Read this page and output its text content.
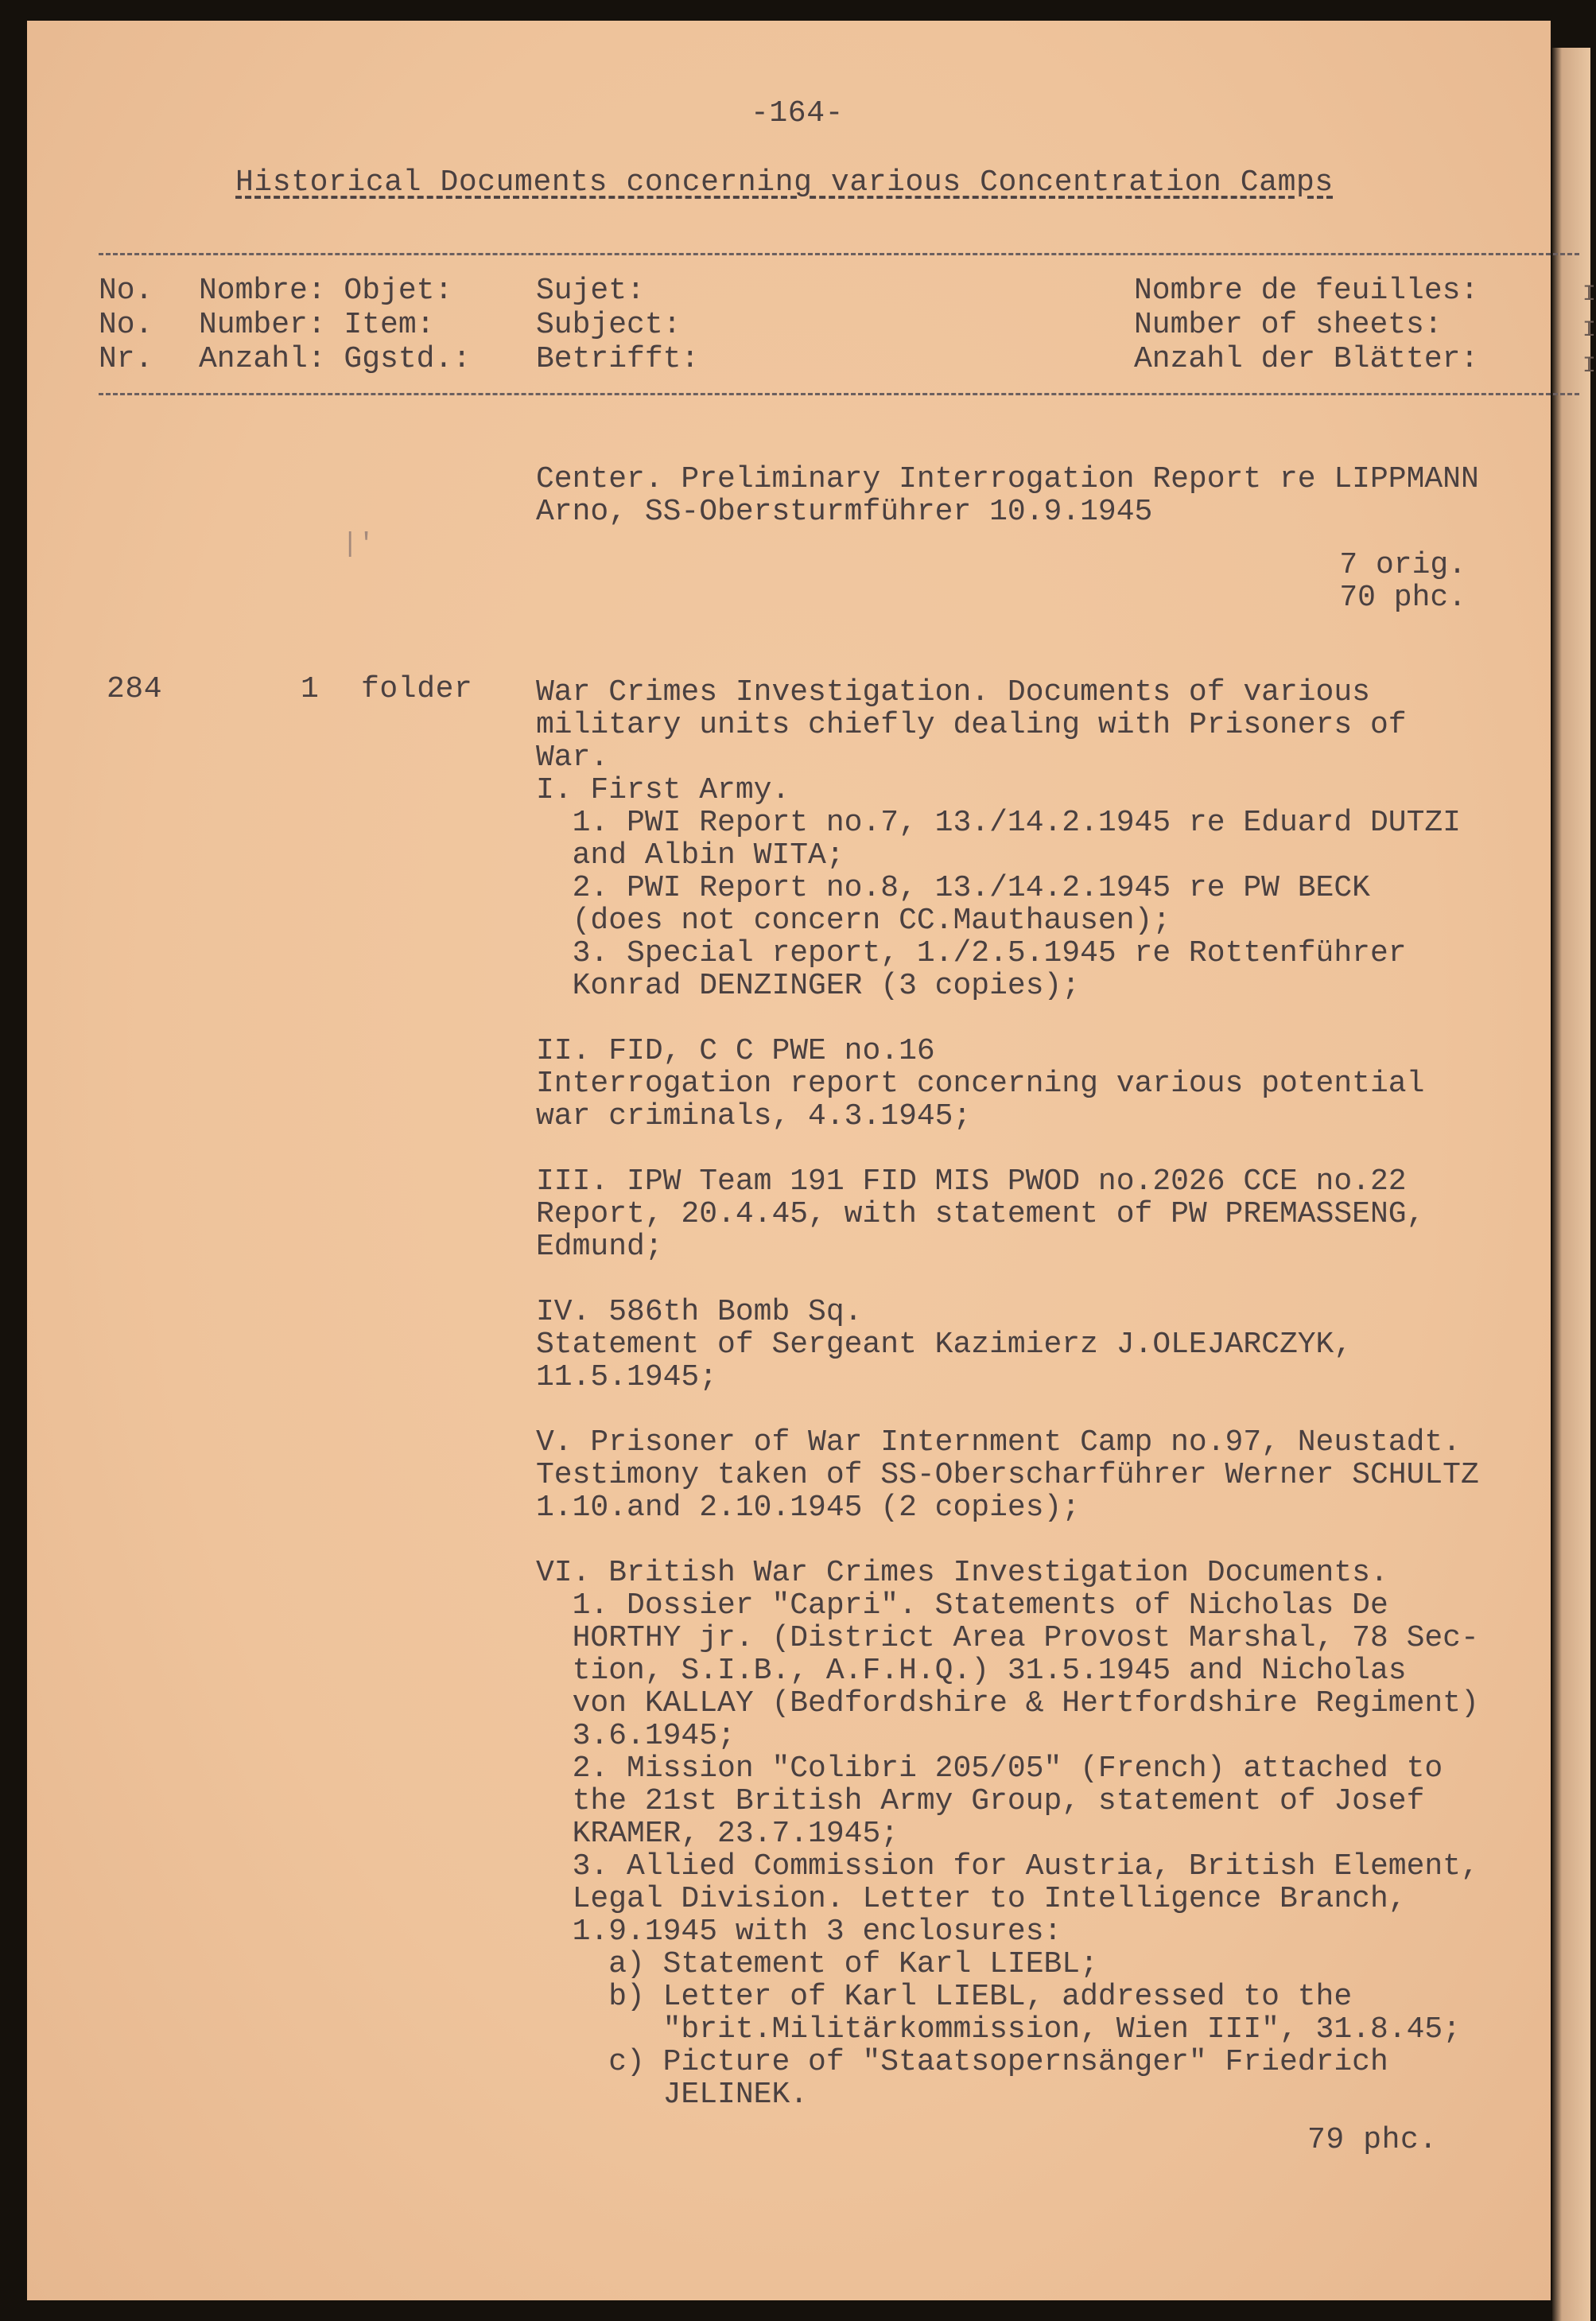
I
I
I
-164-
Historical Documents concerning various Concentration Camps
No.
No.
Nr.
Nombre: Objet:
Number: Item:
Anzahl: Ggstd.:
Sujet:
Subject:
Betrifft:
Nombre de feuilles:
Number of sheets:
Anzahl der Blätter:
Center. Preliminary Interrogation Report re LIPPMANN
Arno, SS-Obersturmführer 10.9.1945
7 orig.
70 phc.
|'
284	1 folder War Crimes Investigation. Documents of various
military units chiefly dealing with Prisoners of
War.
I. First Army.
1. PWI Report no.7, 13./14.2.1945 re Eduard DUTZI
and Albin WITA;
2. PWI Report no.8, 13./14.2.1945 re PW BECK
(does not concern CC.Mauthausen);
3. Special report, 1./2.5.1945 re Rottenführer
Konrad DENZINGER (3 copies);

II. FID, C C PWE no.16
Interrogation report concerning various potential
war criminals, 4.3.1945;

III. IPW Team 191 FID MIS PWOD no.2026 CCE no.22
Report, 20.4.45, with statement of PW PREMASSENG,
Edmund;

IV. 586th Bomb Sq.
Statement of Sergeant Kazimierz J.OLEJARCZYK,
11.5.1945;

V. Prisoner of War Internment Camp no.97, Neustadt.
Testimony taken of SS-Oberscharführer Werner SCHULTZ
1.10.and 2.10.1945 (2 copies);

VI. British War Crimes Investigation Documents.
1. Dossier "Capri". Statements of Nicholas De
HORTHY jr. (District Area Provost Marshal, 78 Sec-
tion, S.I.B., A.F.H.Q.) 31.5.1945 and Nicholas
von KALLAY (Bedfordshire & Hertfordshire Regiment)
3.6.1945;
2. Mission "Colibri 205/05" (French) attached to
the 21st British Army Group, statement of Josef
KRAMER, 23.7.1945;
3. Allied Commission for Austria, British Element,
Legal Division. Letter to Intelligence Branch,
1.9.1945 with 3 enclosures:
a) Statement of Karl LIEBL;
b) Letter of Karl LIEBL, addressed to the
"brit.Militärkommission, Wien III", 31.8.45;
c) Picture of "Staatsopernsänger" Friedrich
JELINEK.
79 phc.
